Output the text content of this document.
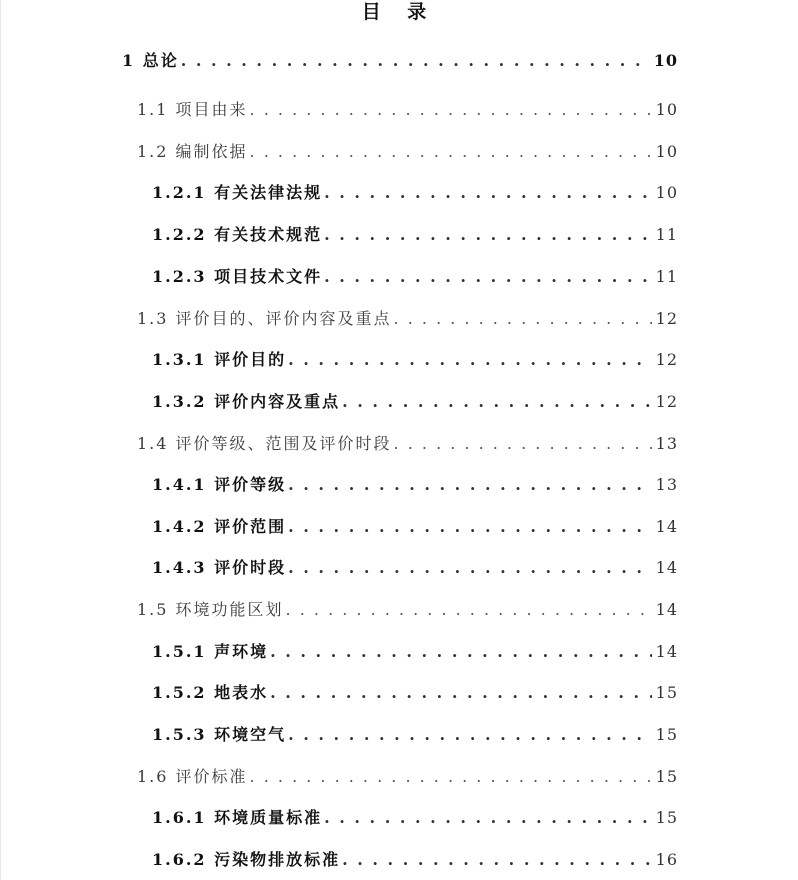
目 录
1 总论 . . .	10
1.1 项目由来 . . .	10
1.2 编制依据 . . .	10
1.2.1 有关法律法规 . . .	10
1.2.2 有关技术规范 . . .	11
1.2.3 项目技术文件 . . .	11
1.3 评价目的、评价内容及重点 . . .	12
1.3.1 评价目的 . . .	12
1.3.2 评价内容及重点 . . .	12
1.4 评价等级、范围及评价时段 . . .	13
1.4.1 评价等级 . . .	13
1.4.2 评价范围 . . .	14
1.4.3 评价时段 . . .	14
1.5 环境功能区划 . . .	14
1.5.1 声环境 . . .	14
1.5.2 地表水 . . .	15
1.5.3 环境空气 . . .	15
1.6 评价标准 . . .	15
1.6.1 环境质量标准 . . .	15
1.6.2 污染物排放标准 . . .	16
